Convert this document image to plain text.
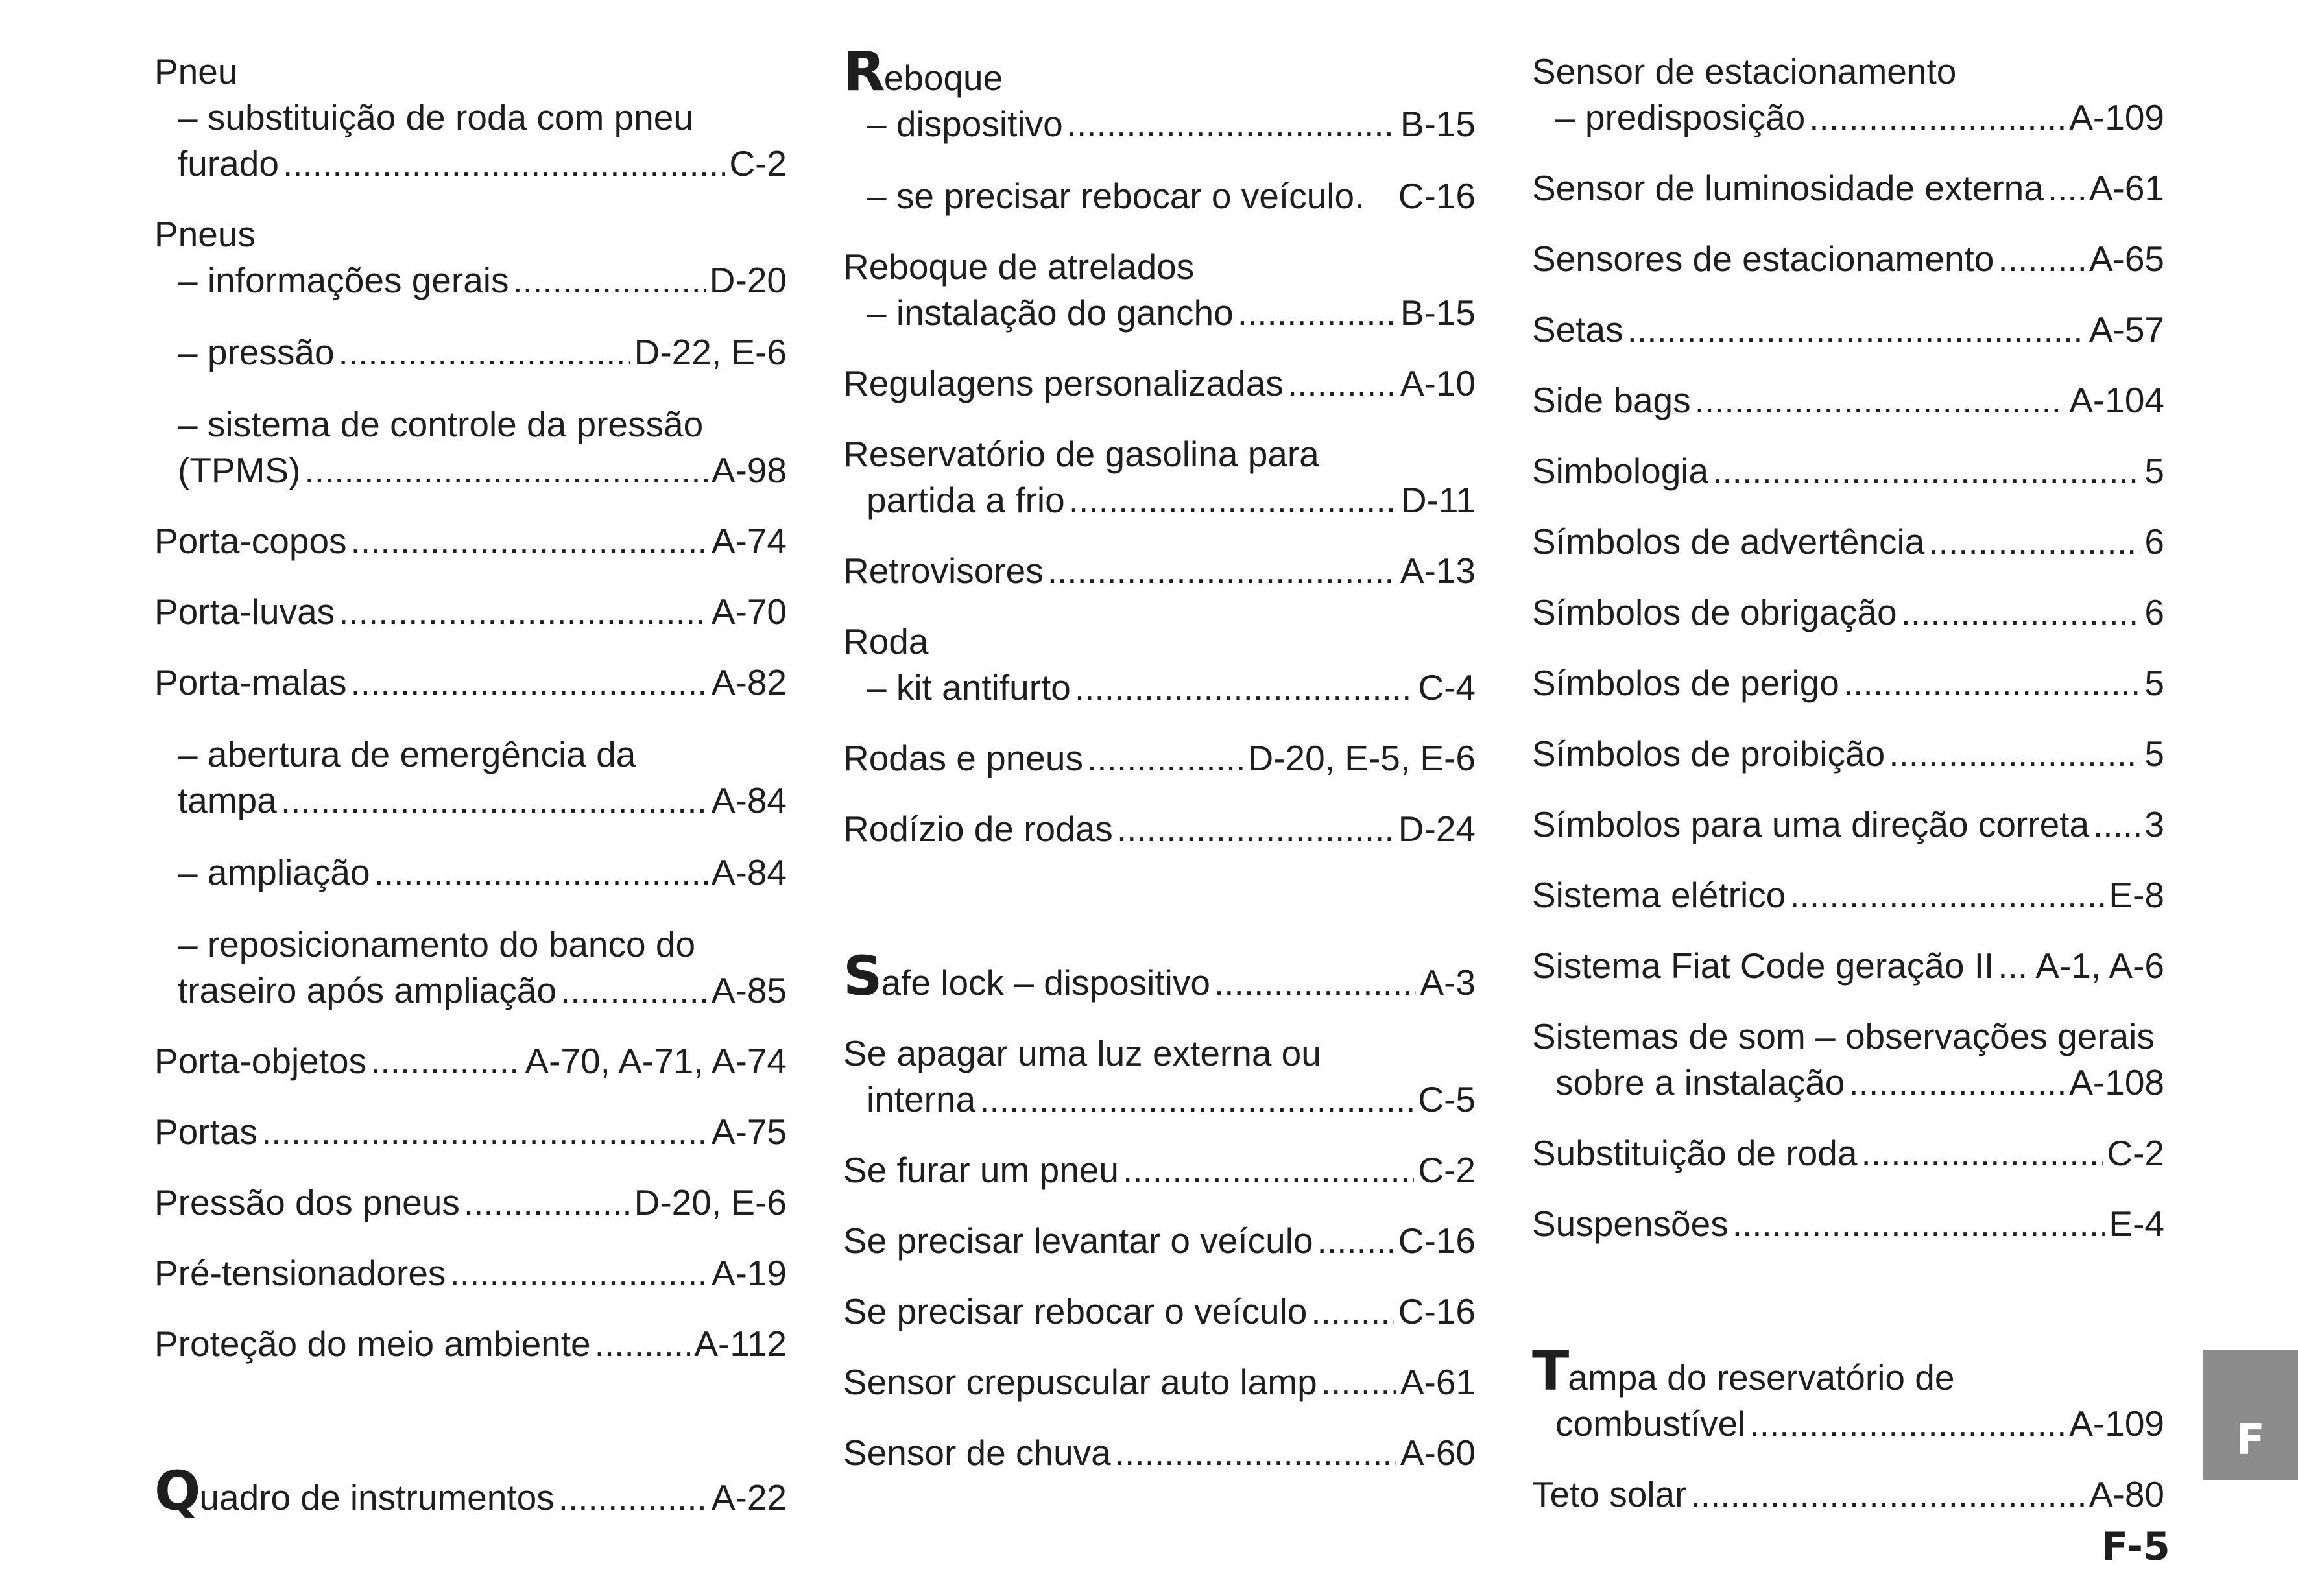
Pneu
– substituição de roda com pneu
furado .....	C-2
Pneus
– informações gerais .....	D-20
– pressão .....	D-22, E-6
– sistema de controle da pressão
(TPMS) .....	A-98
Porta-copos .....	A-74
Porta-luvas .....	A-70
Porta-malas .....	A-82
– abertura de emergência da
tampa .....	A-84
– ampliação .....	A-84
– reposicionamento do banco do
traseiro após ampliação .....	A-85
Porta-objetos .....	A-70, A-71, A-74
Portas .....	A-75
Pressão dos pneus .....	D-20, E-6
Pré-tensionadores .....	A-19
Proteção do meio ambiente .....	A-112
Q uadro de instrumentos .....	A-22
R eboque
– dispositivo .....	B-15
– se precisar rebocar o veículo. C-16
Reboque de atrelados
– instalação do gancho .....	B-15
Regulagens personalizadas .....	A-10
Reservatório de gasolina para
partida a frio .....	D-11
Retrovisores .....	A-13
Roda
– kit antifurto .....	C-4
Rodas e pneus .....	D-20, E-5, E-6
Rodízio de rodas .....	D-24
S afe lock – dispositivo .....	A-3
Se apagar uma luz externa ou
interna .....	C-5
Se furar um pneu .....	C-2
Se precisar levantar o veículo ..... C-16
Se precisar rebocar o veículo .....	C-16
Sensor crepuscular auto lamp ..... A-61
Sensor de chuva .....	A-60
Sensor de estacionamento
– predisposição .....	A-109
Sensor de luminosidade externa ..... A-61
Sensores de estacionamento .....	A-65
Setas .....	A-57
Side bags .....	A-104
Simbologia .....	5
Símbolos de advertência .....	6
Símbolos de obrigação .....	6
Símbolos de perigo .....	5
Símbolos de proibição .....	5
Símbolos para uma direção correta ..... 3
Sistema elétrico .....	E-8
Sistema Fiat Code geração II ..... A-1, A-6
Sistemas de som – observações gerais
sobre a instalação .....	A-108
Substituição de roda .....	C-2
Suspensões .....	E-4
T ampa do reservatório de
combustível .....	A-109
Teto solar .....	A-80
F
F-5
